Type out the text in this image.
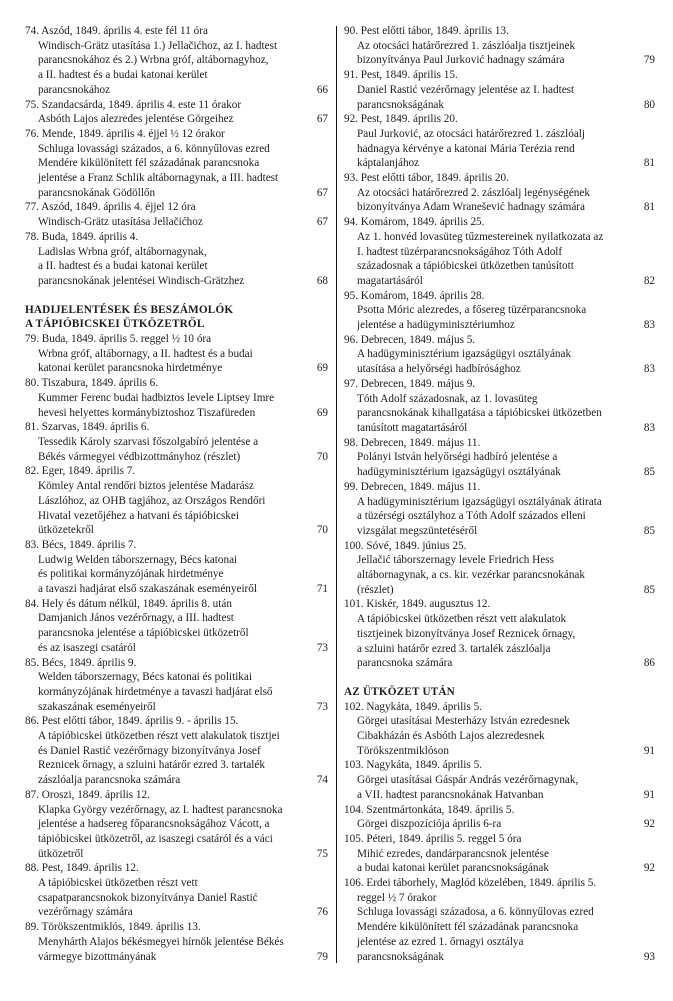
74. Aszód, 1849. április 4. este fél 11 óra
Windisch-Grätz utasítása 1.) Jellačićhoz, az I. hadtest
parancsnokához és 2.) Wrbna gróf, altábornagyhoz,
a II. hadtest és a budai katonai kerület
parancsnokához	66
75. Szandacsárda, 1849. április 4. este 11 órakor
Asbóth Lajos alezredes jelentése Görgeihez	67
76. Mende, 1849. április 4. éjjel ½ 12 órakor
Schluga lovassági százados, a 6. könnyűlovas ezred
Mendére kikülönített fél századának parancsnoka
jelentése a Franz Schlik altábornagynak, a III. hadtest
parancsnokának Gödöllőn	67
77. Aszód, 1849. április 4. éjjel 12 óra
Windisch-Grätz utasítása Jellačićhoz	67
78. Buda, 1849. április 4.
Ladislas Wrbna gróf, altábornagynak,
a II. hadtest és a budai katonai kerület
parancsnokának jelentései Windisch-Grätzhez	68
HADIJELENTÉSEK ÉS BESZÁMOLÓK
A TÁPIÓBICSKEI ÜTKÖZETRŐL
79. Buda, 1849. április 5. reggel ½ 10 óra
Wrbna gróf, altábornagy, a II. hadtest és a budai
katonai kerület parancsnoka hirdetménye	69
80. Tiszabura, 1849. április 6.
Kummer Ferenc budai hadbiztos levele Liptsey Imre
hevesi helyettes kormánybiztoshoz Tiszafüreden	69
81. Szarvas, 1849. április 6.
Tessedik Károly szarvasi főszolgabíró jelentése a
Békés vármegyei védbizottmányhoz (részlet)	70
82. Eger, 1849. április 7.
Kömley Antal rendőri biztos jelentése Madarász
Lászlóhoz, az OHB tagjához, az Országos Rendőri
Hivatal vezetőjéhez a hatvani és tápióbicskei
ütközetekről	70
83. Bécs, 1849. április 7.
Ludwig Welden táborszernagy, Bécs katonai
és politikai kormányzójának hirdetménye
a tavaszi hadjárat első szakaszának eseményeiről	71
84. Hely és dátum nélkül, 1849. április 8. után
Damjanich János vezérőrnagy, a III. hadtest
parancsnoka jelentése a tápióbicskei ütközetről
és az isaszegi csatáról	73
85. Bécs, 1849. április 9.
Welden táborszernagy, Bécs katonai és politikai
kormányzójának hirdetménye a tavaszi hadjárat első
szakaszának eseményeiről	73
86. Pest előtti tábor, 1849. április 9. - április 15.
A tápióbicskei ütközetben részt vett alakulatok tisztjei
és Daniel Rastić vezérőrnagy bizonyítványa Josef
Reznicek őrnagy, a szluini határőr ezred 3. tartalék
zászlóalja parancsnoka számára	74
87. Oroszi, 1849. április 12.
Klapka György vezérőrnagy, az I. hadtest parancsnoka
jelentése a hadsereg főparancsnokságához Vácott, a
tápióbicskei ütközetről, az isaszegi csatáról és a váci
ütközetről	75
88. Pest, 1849. április 12.
A tápióbicskei ütközetben részt vett
csapatparancsnokok bizonyítványa Daniel Rastić
vezérőrnagy számára	76
89. Törökszentmiklós, 1849. április 13.
Menyhárth Alajos békésmegyei hírnök jelentése Békés
vármegye bizottmányának	79
90. Pest előtti tábor, 1849. április 13.
Az otocsáci határőrezred 1. zászlóalja tisztjeinek
bizonyítványa Paul Jurković hadnagy számára	79
91. Pest, 1849. április 15.
Daniel Rastić vezérőrnagy jelentése az I. hadtest
parancsnokságának	80
92. Pest, 1849. április 20.
Paul Jurković, az otocsáci határőrezred 1. zászlóalj
hadnagya kérvénye a katonai Mária Terézia rend
káptalanjához	81
93. Pest előtti tábor, 1849. április 20.
Az otocsáci határőrezred 2. zászlóalj legénységének
bizonyítványa Adam Wranešević hadnagy számára	81
94. Komárom, 1849. április 25.
Az 1. honvéd lovasüteg tűzmestereinek nyilatkozata az
I. hadtest tüzérparancsnokságához Tóth Adolf
századosnak a tápióbicskei ütközetben tanúsított
magatartásáról	82
95. Komárom, 1849. április 28.
Psotta Móric alezredes, a fősereg tüzérparancsnoka
jelentése a hadügyminisztériumhoz	83
96. Debrecen, 1849. május 5.
A hadügyminisztérium igazságügyi osztályának
utasítása a helyőrségi hadbírósághoz	83
97. Debrecen, 1849. május 9.
Tóth Adolf századosnak, az 1. lovasüteg
parancsnokának kihallgatása a tápióbicskei ütközetben
tanúsított magatartásáról	83
98. Debrecen, 1849. május 11.
Polányi István helyőrségi hadbíró jelentése a
hadügyminisztérium igazságügyi osztályának	85
99. Debrecen, 1849. május 11.
A hadügyminisztérium igazságügyi osztályának átirata
a tüzérségi osztályhoz a Tóth Adolf százados elleni
vizsgálat megszüntetéséről	85
100. Sóvé, 1849. június 25.
Jellačić táborszernagy levele Friedrich Hess
altábornagynak, a cs. kir. vezérkar parancsnokának
(részlet)	85
101. Kiskér, 1849. augusztus 12.
A tápióbicskei ütközetben részt vett alakulatok
tisztjeinek bizonyítványa Josef Reznicek őrnagy,
a szluini határőr ezred 3. tartalék zászlóalja
parancsnoka számára	86
AZ ÜTKÖZET UTÁN
102. Nagykáta, 1849. április 5.
Görgei utasításai Mesterházy István ezredesnek
Cibakházán és Asbóth Lajos alezredesnek
Törökszentmiklóson	91
103. Nagykáta, 1849. április 5.
Görgei utasításai Gáspár András vezérőrnagynak,
a VII. hadtest parancsnokának Hatvanban	91
104. Szentmártonkáta, 1849. április 5.
Görgei diszpozíciója április 6-ra	92
105. Péteri, 1849. április 5. reggel 5 óra
Mihić ezredes, dandárparancsnok jelentése
a budai katonai kerület parancsnokságának	92
106. Erdei táborhely, Maglód közelében, 1849. április 5.
reggel ½ 7 órakor
Schluga lovassági századosa, a 6. könnyűlovas ezred
Mendére kikülönített fél századának parancsnoka
jelentése az ezred 1. őrnagyi osztálya
parancsnokságának	93
